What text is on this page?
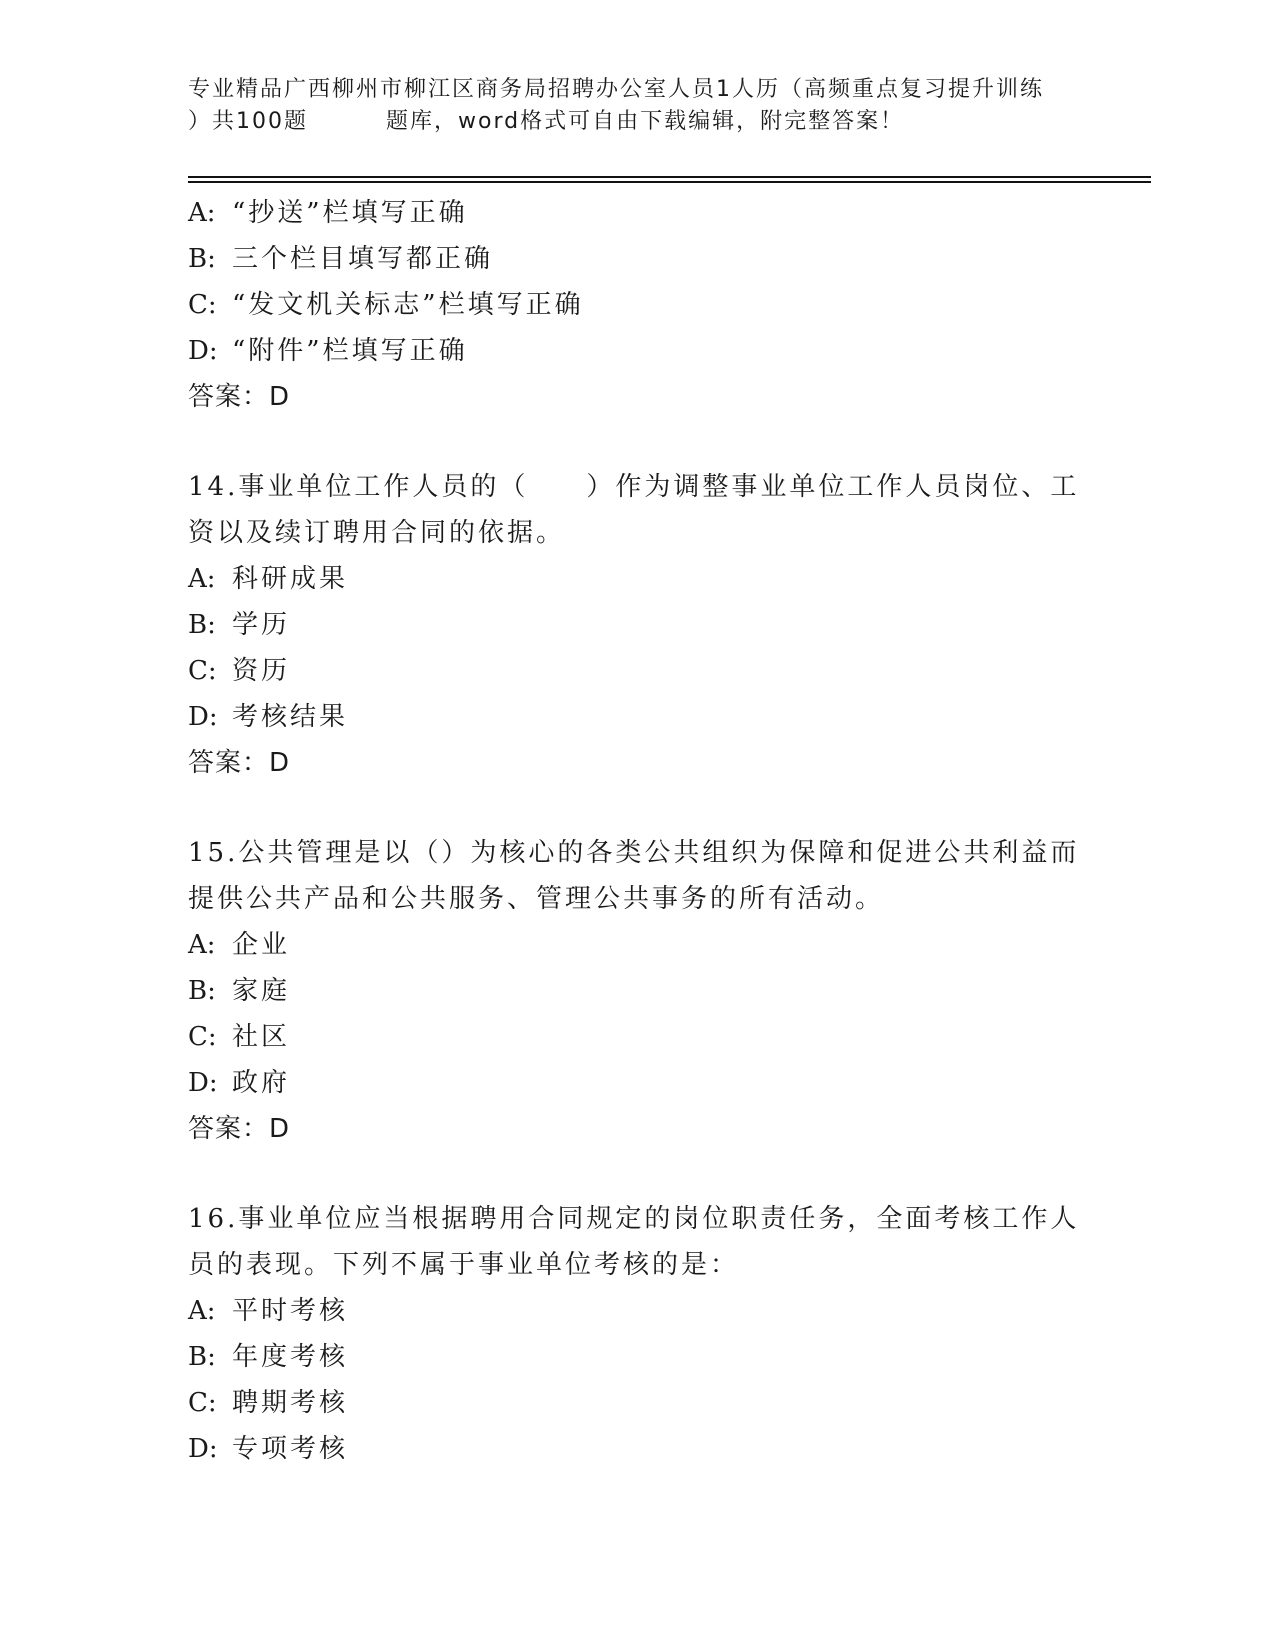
专业精品广西柳州市柳江区商务局招聘办公室人员1人历（高频重点复习提升训练
）共100题	题库，word格式可自由下载编辑，附完整答案！
A: “抄送”栏填写正确
B: 三个栏目填写都正确
C: “发文机关标志”栏填写正确
D: “附件”栏填写正确
答案：D
14.事业单位工作人员的（　　）作为调整事业单位工作人员岗位、工资以及续订聘用合同的依据。
A: 科研成果
B: 学历
C: 资历
D: 考核结果
答案：D
15.公共管理是以（）为核心的各类公共组织为保障和促进公共利益而提供公共产品和公共服务、管理公共事务的所有活动。
A: 企业
B: 家庭
C: 社区
D: 政府
答案：D
16.事业单位应当根据聘用合同规定的岗位职责任务，全面考核工作人员的表现。下列不属于事业单位考核的是：
A: 平时考核
B: 年度考核
C: 聘期考核
D: 专项考核
